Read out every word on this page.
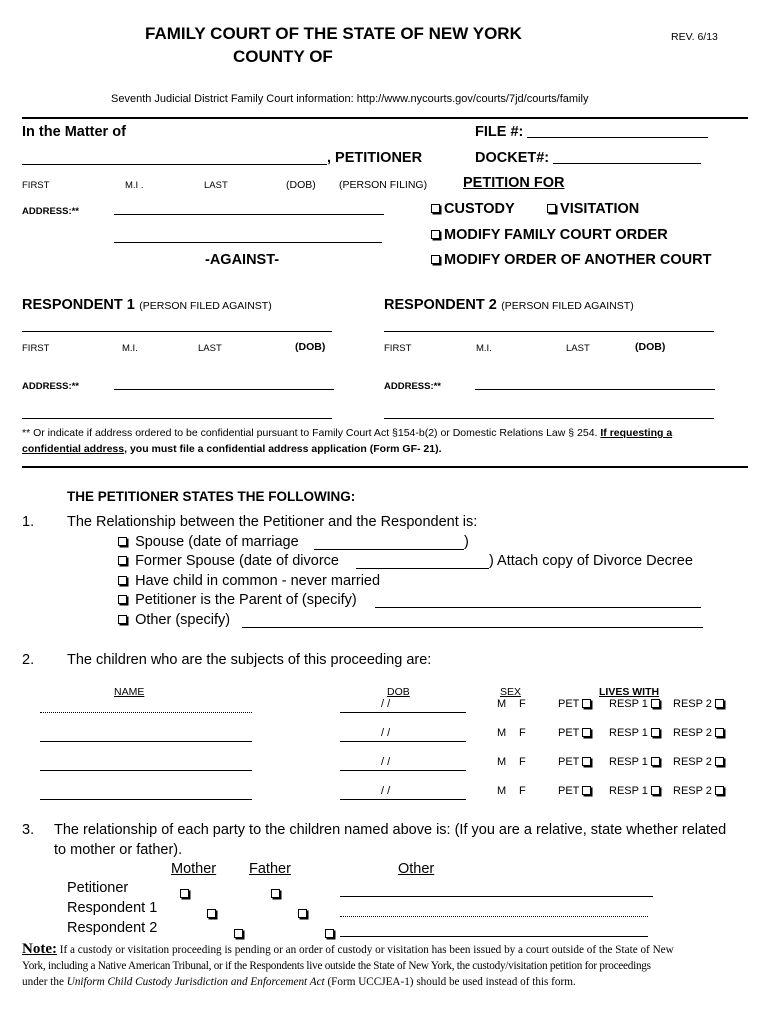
FAMILY COURT OF THE STATE OF NEW YORK
COUNTY OF
REV. 6/13
Seventh Judicial District Family Court information: http://www.nycourts.gov/courts/7jd/courts/family
In the Matter of	FILE #:
, PETITIONER	DOCKET#:
FIRST	M.I .	LAST	(DOB) (PERSON FILING) PETITION FOR
ADDRESS:**	CUSTODY	VISITATION
MODIFY FAMILY COURT ORDER
-AGAINST-	MODIFY ORDER OF ANOTHER COURT
RESPONDENT 1 (PERSON FILED AGAINST)	RESPONDENT 2 (PERSON FILED AGAINST)
FIRST	M.I.	LAST	(DOB)	FIRST	M.I.	LAST	(DOB)
ADDRESS:**	ADDRESS:**
** Or indicate if address ordered to be confidential pursuant to Family Court Act §154-b(2) or Domestic Relations Law § 254. If requesting a
confidential address, you must file a confidential address application (Form GF- 21).
THE PETITIONER STATES THE FOLLOWING:
1. The Relationship between the Petitioner and the Respondent is:
Spouse (date of marriage	)
Former Spouse (date of divorce	) Attach copy of Divorce Decree
Have child in common - never married
Petitioner is the Parent of (specify)
Other (specify)
2. The children who are the subjects of this proceeding are:
NAME	DOB	SEX	LIVES WITH
/ /	M F	PET	RESP 1	RESP 2
/ /	M F	PET	RESP 1	RESP 2
/ /	M F	PET	RESP 1	RESP 2
/ /	M F	PET	RESP 1	RESP 2
3. The relationship of each party to the children named above is: (If you are a relative, state whether related
to mother or father).
Mother Father	Other
Petitioner
Respondent 1
Respondent 2

Note: If a custody or visitation proceeding is pending or an order of custody or visitation has been issued by a court outside of the State of New
York, including a Native American Tribunal, or if the Respondents live outside the State of New York, the custody/visitation petition for proceedings
under the Uniform Child Custody Jurisdiction and Enforcement Act (Form UCCJEA-1) should be used instead of this form.
